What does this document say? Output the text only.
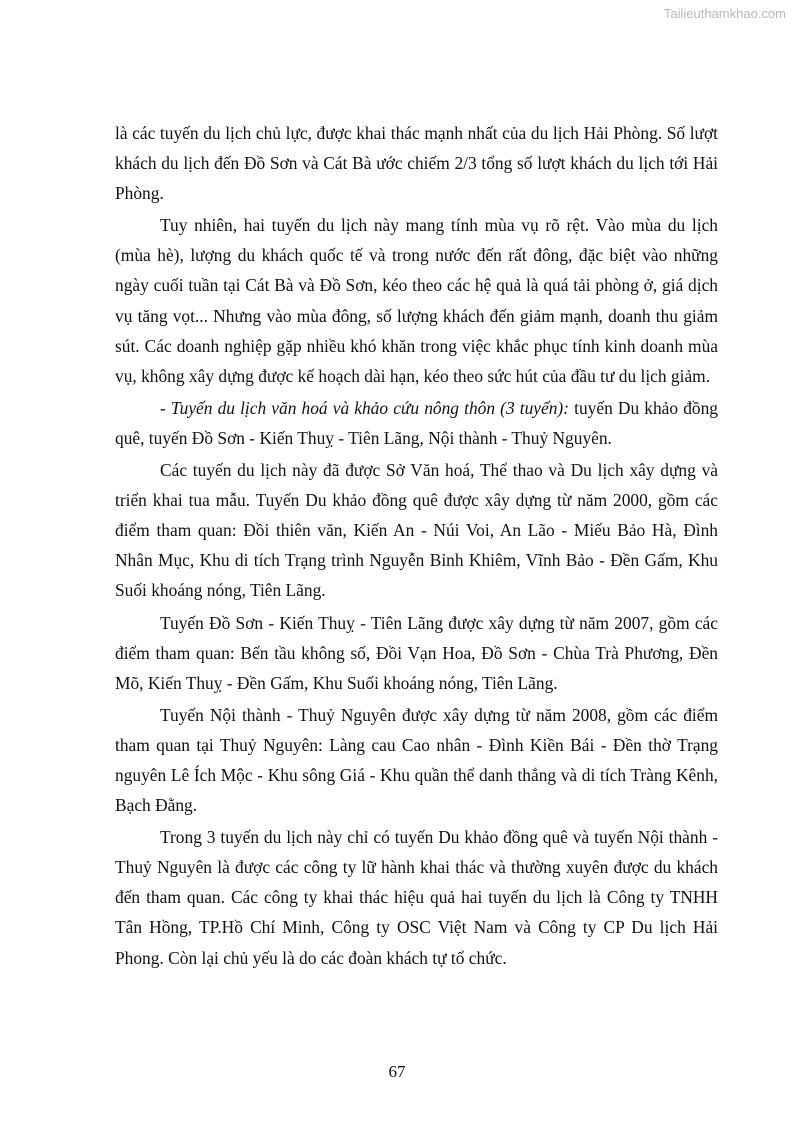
Tailieuthamkhao.com

là các tuyến du lịch chủ lực, được khai thác mạnh nhất của du lịch Hải Phòng. Số lượt khách du lịch đến Đồ Sơn và Cát Bà ước chiếm 2/3 tổng số lượt khách du lịch tới Hải Phòng.

Tuy nhiên, hai tuyến du lịch này mang tính mùa vụ rõ rệt. Vào mùa du lịch (mùa hè), lượng du khách quốc tế và trong nước đến rất đông, đặc biệt vào những ngày cuối tuần tại Cát Bà và Đồ Sơn, kéo theo các hệ quả là quá tải phòng ở, giá dịch vụ tăng vọt... Nhưng vào mùa đông, số lượng khách đến giảm mạnh, doanh thu giảm sút. Các doanh nghiệp gặp nhiều khó khăn trong việc khắc phục tính kinh doanh mùa vụ, không xây dựng được kế hoạch dài hạn, kéo theo sức hút của đầu tư du lịch giảm.

- Tuyến du lịch văn hoá và khảo cứu nông thôn (3 tuyến): tuyến Du khảo đồng quê, tuyến Đồ Sơn - Kiến Thuỵ - Tiên Lãng, Nội thành - Thuỷ Nguyên.

Các tuyến du lịch này đã được Sở Văn hoá, Thể thao và Du lịch xây dựng và triển khai tua mẫu. Tuyến Du khảo đồng quê được xây dựng từ năm 2000, gồm các điểm tham quan: Đồi thiên văn, Kiến An - Núi Voi, An Lão - Miếu Bảo Hà, Đình Nhân Mục, Khu di tích Trạng trình Nguyễn Bỉnh Khiêm, Vĩnh Bảo - Đền Gấm, Khu Suối khoáng nóng, Tiên Lãng.

Tuyến Đồ Sơn - Kiến Thuỵ - Tiên Lãng được xây dựng từ năm 2007, gồm các điểm tham quan: Bến tầu không số, Đồi Vạn Hoa, Đồ Sơn - Chùa Trà Phương, Đền Mõ, Kiến Thuỵ - Đền Gấm, Khu Suối khoáng nóng, Tiên Lãng.

Tuyến Nội thành - Thuỷ Nguyên được xây dựng từ năm 2008, gồm các điểm tham quan tại Thuỷ Nguyên: Làng cau Cao nhân - Đình Kiền Bái - Đền thờ Trạng nguyên Lê Ích Mộc - Khu sông Giá - Khu quần thể danh thắng và di tích Tràng Kênh, Bạch Đằng.

Trong 3 tuyến du lịch này chỉ có tuyến Du khảo đồng quê và tuyến Nội thành - Thuỷ Nguyên là được các công ty lữ hành khai thác và thường xuyên được du khách đến tham quan. Các công ty khai thác hiệu quả hai tuyến du lịch là Công ty TNHH Tân Hồng, TP.Hồ Chí Minh, Công ty OSC Việt Nam và Công ty CP Du lịch Hải Phong. Còn lại chủ yếu là do các đoàn khách tự tổ chức.

67
